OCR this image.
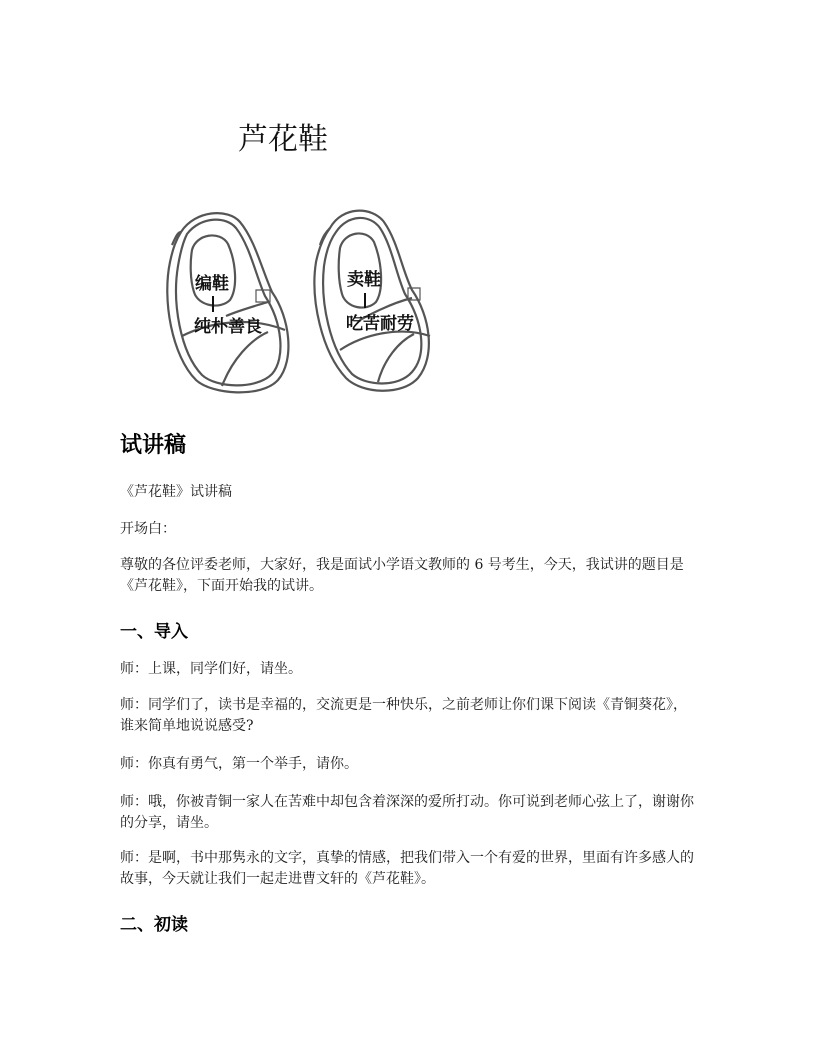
芦花鞋
编鞋
纯朴善良
卖鞋
吃苦耐劳
试讲稿
《芦花鞋》试讲稿
开场白：
尊敬的各位评委老师，大家好，我是面试小学语文教师的 6 号考生，今天，我试讲的题目是《芦花鞋》，下面开始我的试讲。
一、导入
师：上课，同学们好，请坐。
师：同学们了，读书是幸福的，交流更是一种快乐，之前老师让你们课下阅读《青铜葵花》，谁来简单地说说感受?
师：你真有勇气，第一个举手，请你。
师：哦，你被青铜一家人在苦难中却包含着深深的爱所打动。你可说到老师心弦上了，谢谢你的分享，请坐。
师：是啊，书中那隽永的文字，真挚的情感，把我们带入一个有爱的世界，里面有许多感人的故事，今天就让我们一起走进曹文轩的《芦花鞋》。
二、初读
